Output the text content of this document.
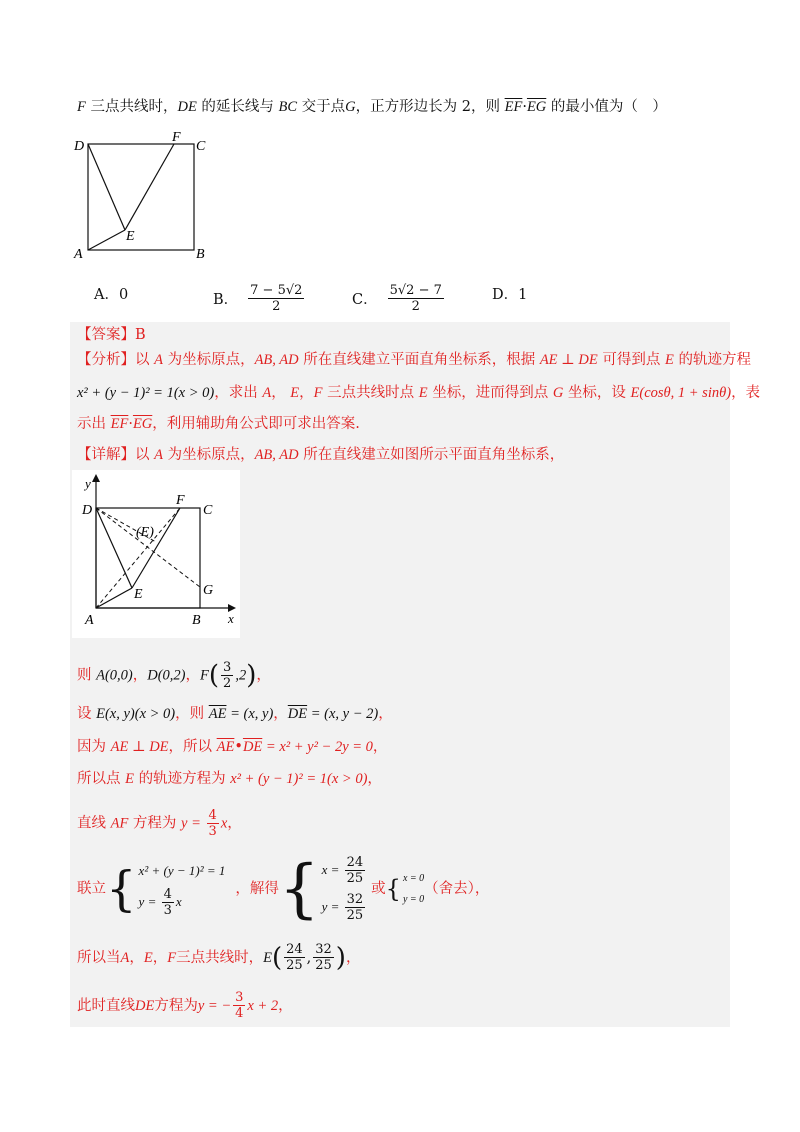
F 三点共线时，DE 的延长线与 BC 交于点G，正方形边长为 2，则 $\overline{EF}\cdot\overline{EG}$ 的最小值为（　）
D
F
C
E
A	B
A．0	B． $\frac{7 - 5√2}{2}$	C． $\frac{5√2 - 7}{2}$	D．1
【答案】B
【分析】以 A 为坐标原点，AB, AD 所在直线建立平面直角坐标系，根据 AE ⊥ DE 可得到点 E 的轨迹方程
x² + (y − 1)² = 1(x > 0)，求出 A， E，F 三点共线时点 E 坐标，进而得到点 G 坐标，设 E(cosθ, 1 + sinθ)，表
示出 $\overline{EF}\cdot\overline{EG}$，利用辅助角公式即可求出答案.
【详解】以 A 为坐标原点，AB, AD 所在直线建立如图所示平面直角坐标系，
y
D
F
C
(E)
E	G
A	B x
则 A(0,0)，D(0,2)，$F( \frac{3}{2} ,2)$，
设 E(x, y)(x > 0)，则 $\overline{AE} = (x$, y)，$\overline{DE} = (x$, y − 2)，
因为 AE ⊥ DE，所以 $\overline{AE}•\overline{DE} = x^2 + y^2 - 2y = 0$，
所以点 E 的轨迹方程为 x² + (y − 1)² = 1(x > 0)，
直线 AF 方程为 $y = \frac{4}{3}$ x，
联立 { x² + (y − 1)² = 1
$y = \frac{4}{3}$ x
，解得 { $x = \frac{24}{25}$
$y = \frac{32}{25}$
或 { x = 0
y = 0
（舍去），
所以当 A ， E ， F 三点共线时， E ( $\frac{24}{25}$ , $\frac{32}{25}$ ) ，
此时直线 DE 方程为 y = − $\frac{3}{4}$ x + 2 ，
